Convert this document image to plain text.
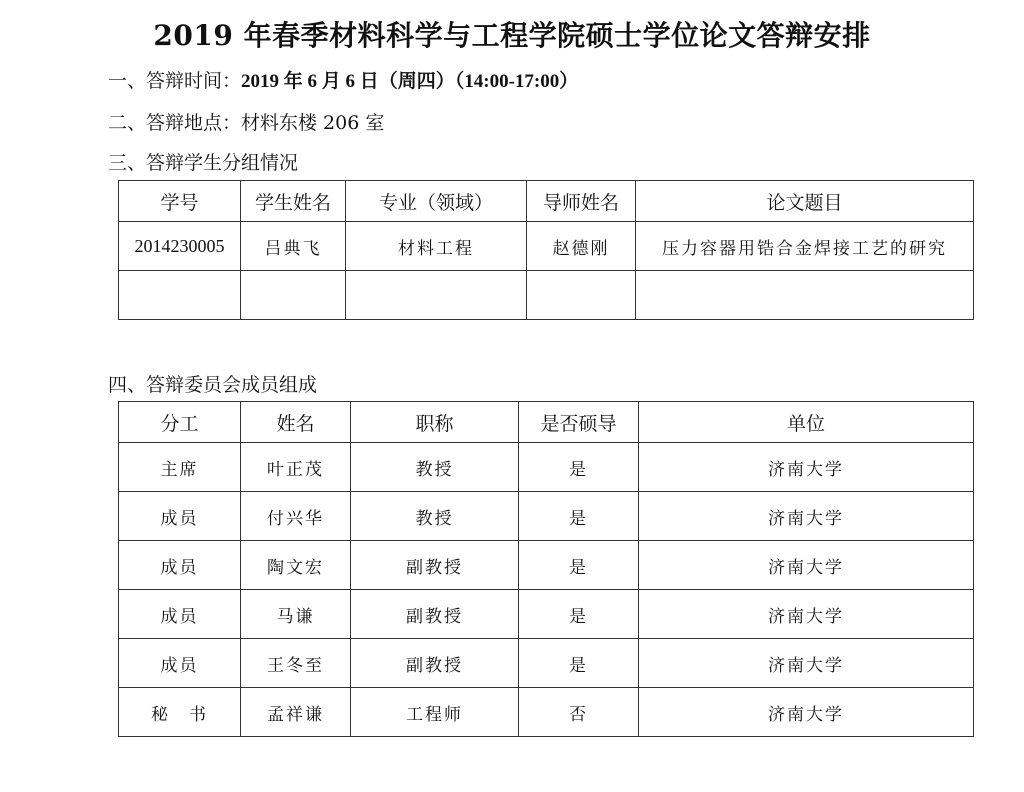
2019 年春季材料科学与工程学院硕士学位论文答辩安排
一、答辩时间：2019 年 6 月 6 日（周四）（14:00-17:00）
二、答辩地点：材料东楼 206 室
三、答辩学生分组情况
学号	学生姓名	专业（领域）	导师姓名	论文题目
2014230005	吕典飞	材料工程	赵德刚	压力容器用锆合金焊接工艺的研究

四、答辩委员会成员组成
分工	姓名	职称	是否硕导	单位
主席	叶正茂	教授	是	济南大学
成员	付兴华	教授	是	济南大学
成员	陶文宏	副教授	是	济南大学
成员	马谦	副教授	是	济南大学
成员	王冬至	副教授	是	济南大学
秘　书	孟祥谦	工程师	否	济南大学
